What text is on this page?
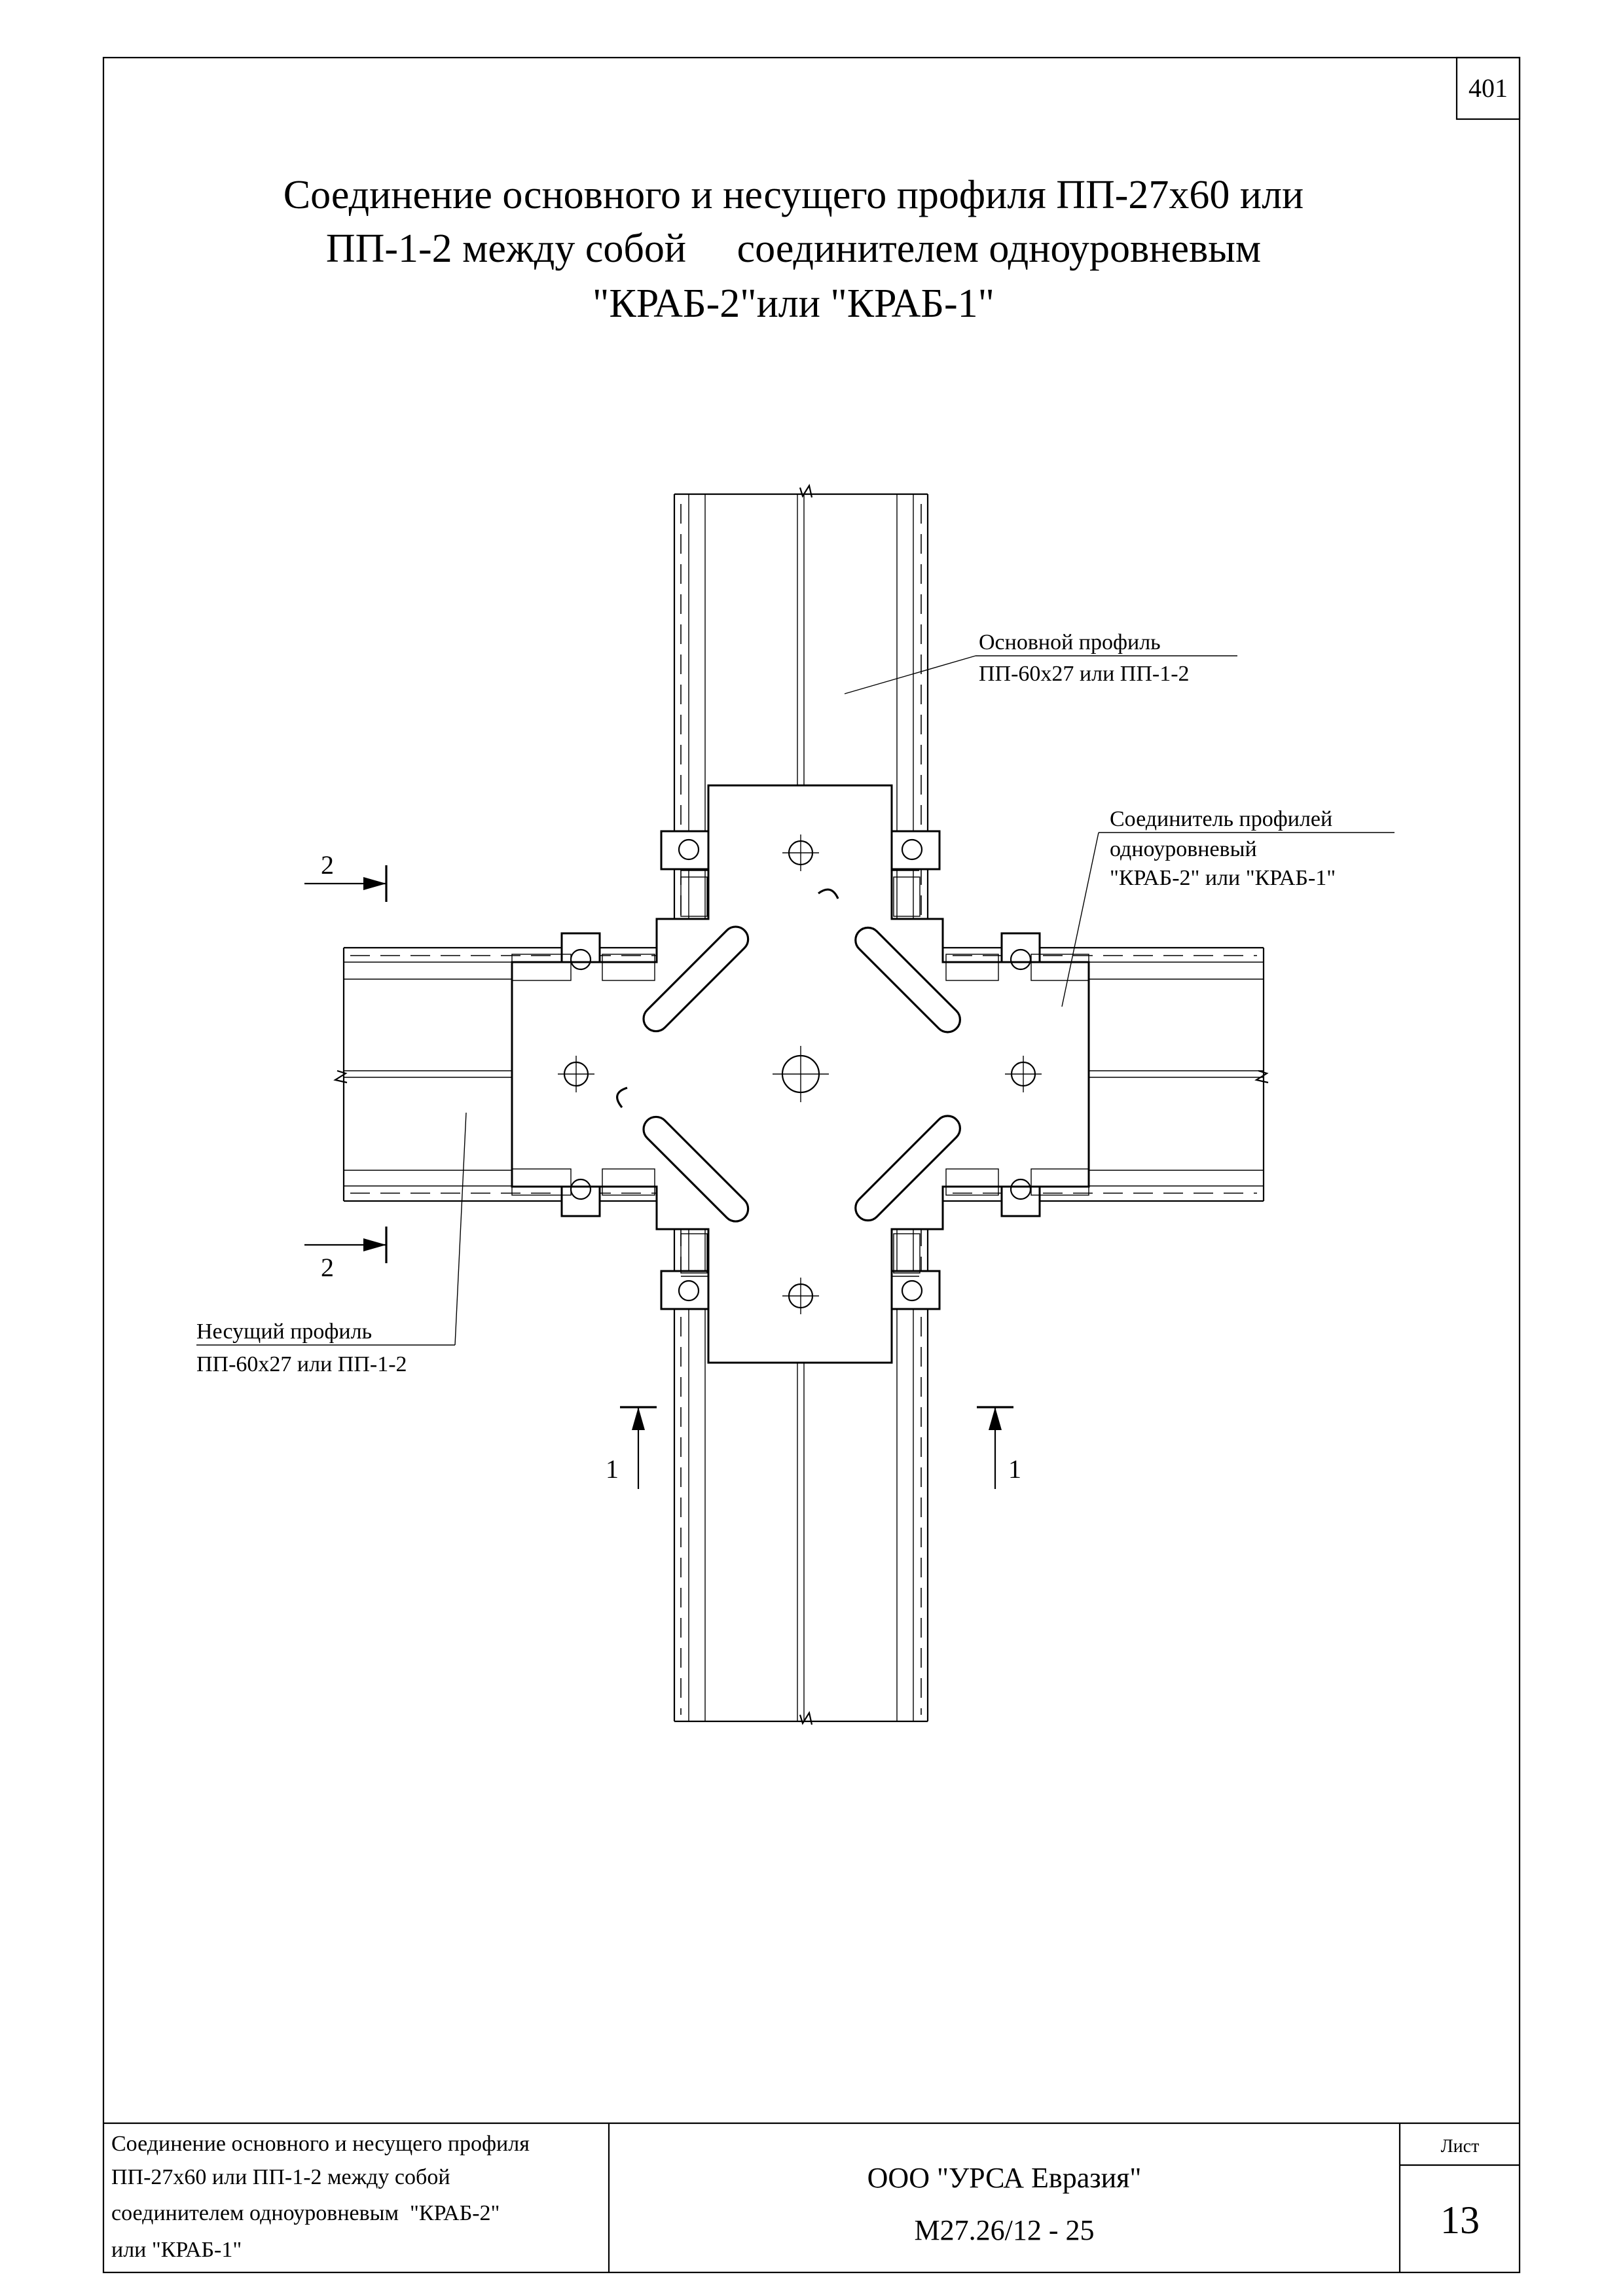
401
Соединение основного и несущего профиля ПП-27х60 или
ПП-1-2 между собой     соединителем одноуровневым
"КРАБ-2"или "КРАБ-1"
Основной профиль
ПП-60х27 или ПП-1-2
Соединитель профилей
одноуровневый
"КРАБ-2" или "КРАБ-1"
Несущий профиль
ПП-60х27 или ПП-1-2
2
2
1	1
Соединение основного и несущего профиля
ПП-27х60 или ПП-1-2 между собой
соединителем одноуровневым  "КРАБ-2"
или "КРАБ-1"
ООО "УРСА Евразия"
М27.26/12 - 25
Лист
13
